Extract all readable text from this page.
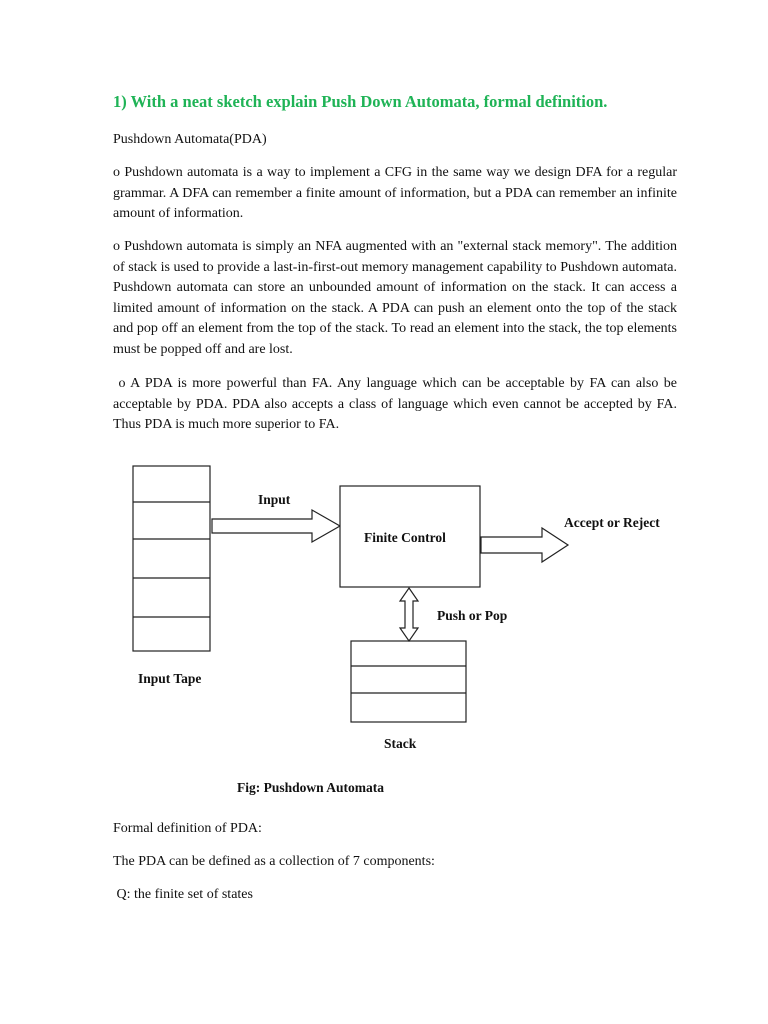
1) With a neat sketch explain Push Down Automata, formal definition.

Pushdown Automata(PDA)

o Pushdown automata is a way to implement a CFG in the same way we design DFA for a regular grammar. A DFA can remember a finite amount of information, but a PDA can remember an infinite amount of information.

o Pushdown automata is simply an NFA augmented with an "external stack memory". The addition of stack is used to provide a last-in-first-out memory management capability to Pushdown automata. Pushdown automata can store an unbounded amount of information on the stack. It can access a limited amount of information on the stack. A PDA can push an element onto the top of the stack and pop off an element from the top of the stack. To read an element into the stack, the top elements must be popped off and are lost.

o A PDA is more powerful than FA. Any language which can be acceptable by FA can also be acceptable by PDA. PDA also accepts a class of language which even cannot be accepted by FA. Thus PDA is much more superior to FA.

Input
Finite Control
Accept or Reject
Push or Pop
Input Tape
Stack
Fig: Pushdown Automata

Formal definition of PDA:

The PDA can be defined as a collection of 7 components:

Q: the finite set of states
